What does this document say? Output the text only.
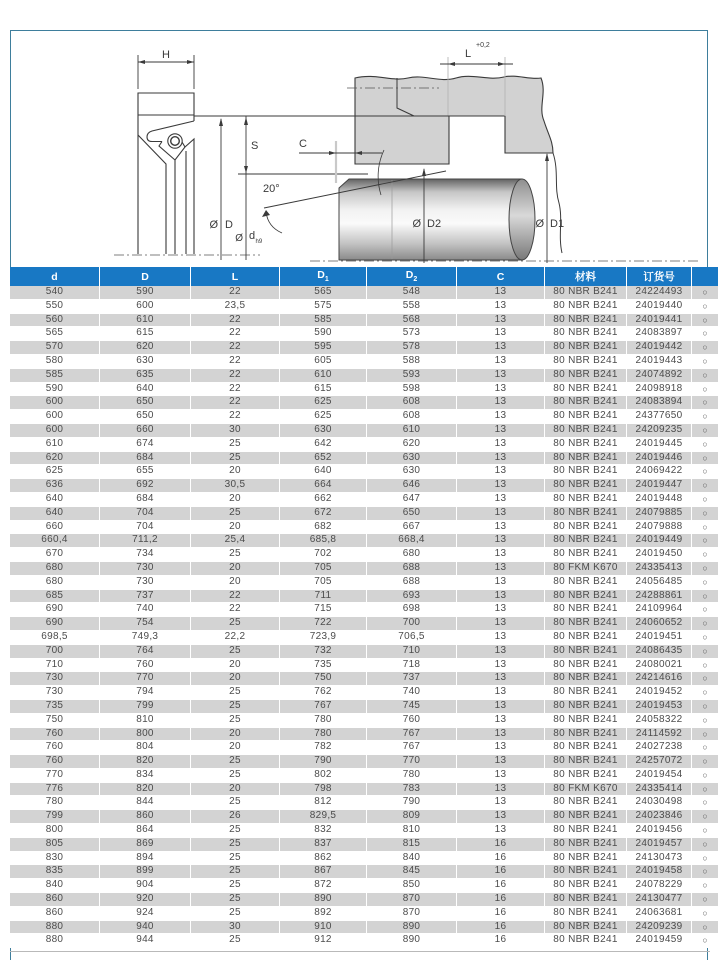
H	L
+0,2
S	C
20°
Ø D
Ø d h9
Ø D2	Ø D1
d	D	L	$D_1$	$D_2$	C	材料	订货号	
540	590	22	565	548	13	80 NBR B241	24224493	○
550	600	23,5	575	558	13	80 NBR B241	24019440	○
560	610	22	585	568	13	80 NBR B241	24019441	○
565	615	22	590	573	13	80 NBR B241	24083897	○
570	620	22	595	578	13	80 NBR B241	24019442	○
580	630	22	605	588	13	80 NBR B241	24019443	○
585	635	22	610	593	13	80 NBR B241	24074892	○
590	640	22	615	598	13	80 NBR B241	24098918	○
600	650	22	625	608	13	80 NBR B241	24083894	○
600	650	22	625	608	13	80 NBR B241	24377650	○
600	660	30	630	610	13	80 NBR B241	24209235	○
610	674	25	642	620	13	80 NBR B241	24019445	○
620	684	25	652	630	13	80 NBR B241	24019446	○
625	655	20	640	630	13	80 NBR B241	24069422	○
636	692	30,5	664	646	13	80 NBR B241	24019447	○
640	684	20	662	647	13	80 NBR B241	24019448	○
640	704	25	672	650	13	80 NBR B241	24079885	○
660	704	20	682	667	13	80 NBR B241	24079888	○
660,4	711,2	25,4	685,8	668,4	13	80 NBR B241	24019449	○
670	734	25	702	680	13	80 NBR B241	24019450	○
680	730	20	705	688	13	80 FKM K670	24335413	○
680	730	20	705	688	13	80 NBR B241	24056485	○
685	737	22	711	693	13	80 NBR B241	24288861	○
690	740	22	715	698	13	80 NBR B241	24109964	○
690	754	25	722	700	13	80 NBR B241	24060652	○
698,5	749,3	22,2	723,9	706,5	13	80 NBR B241	24019451	○
700	764	25	732	710	13	80 NBR B241	24086435	○
710	760	20	735	718	13	80 NBR B241	24080021	○
730	770	20	750	737	13	80 NBR B241	24214616	○
730	794	25	762	740	13	80 NBR B241	24019452	○
735	799	25	767	745	13	80 NBR B241	24019453	○
750	810	25	780	760	13	80 NBR B241	24058322	○
760	800	20	780	767	13	80 NBR B241	24114592	○
760	804	20	782	767	13	80 NBR B241	24027238	○
760	820	25	790	770	13	80 NBR B241	24257072	○
770	834	25	802	780	13	80 NBR B241	24019454	○
776	820	20	798	783	13	80 FKM K670	24335414	○
780	844	25	812	790	13	80 NBR B241	24030498	○
799	860	26	829,5	809	13	80 NBR B241	24023846	○
800	864	25	832	810	13	80 NBR B241	24019456	○
805	869	25	837	815	16	80 NBR B241	24019457	○
830	894	25	862	840	16	80 NBR B241	24130473	○
835	899	25	867	845	16	80 NBR B241	24019458	○
840	904	25	872	850	16	80 NBR B241	24078229	○
860	920	25	890	870	16	80 NBR B241	24130477	○
860	924	25	892	870	16	80 NBR B241	24063681	○
880	940	30	910	890	16	80 NBR B241	24209239	○
880	944	25	912	890	16	80 NBR B241	24019459	○
